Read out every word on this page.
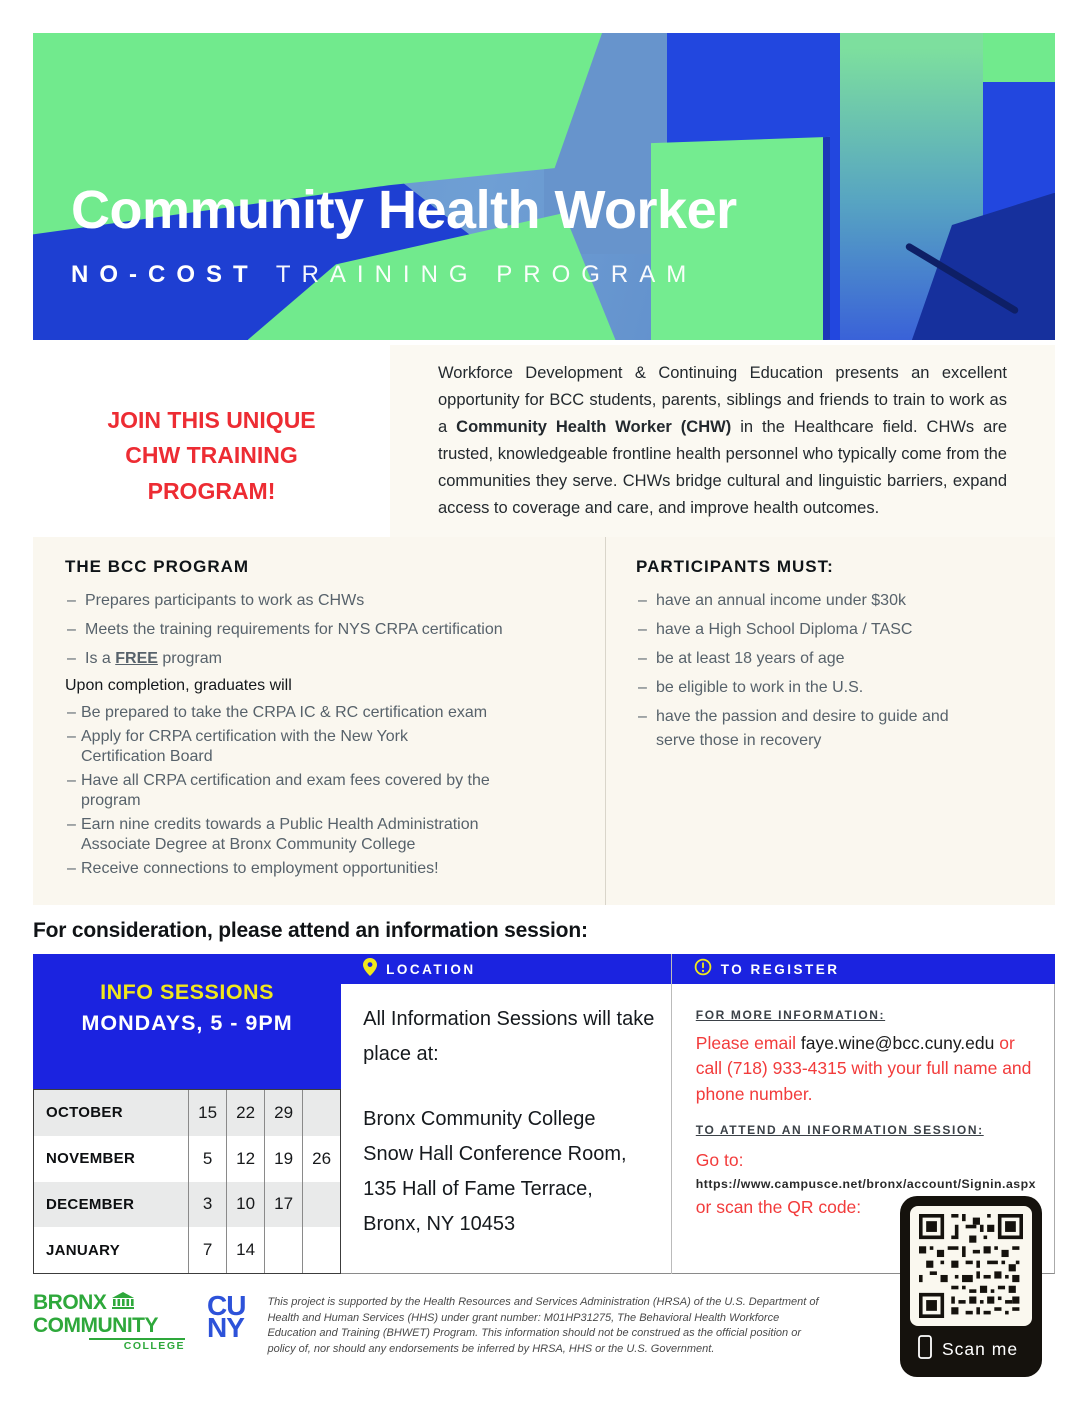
Community Health Worker
NO-COST TRAINING PROGRAM
JOIN THIS UNIQUE
CHW TRAINING
PROGRAM!
Workforce Development & Continuing Education presents an excellent opportunity for BCC students, parents, siblings and friends to train to work as a Community Health Worker (CHW) in the Healthcare field. CHWs are trusted, knowledgeable frontline health personnel who typically come from the communities they serve. CHWs bridge cultural and linguistic barriers, expand access to coverage and care, and improve health outcomes.
THE BCC PROGRAM
– Prepares participants to work as CHWs
– Meets the training requirements for NYS CRPA certification
– Is a FREE program
Upon completion, graduates will
– Be prepared to take the CRPA IC & RC certification exam
– Apply for CRPA certification with the New York Certification Board
– Have all CRPA certification and exam fees covered by the program
– Earn nine credits towards a Public Health Administration Associate Degree at Bronx Community College
– Receive connections to employment opportunities!
PARTICIPANTS MUST:
– have an annual income under $30k
– have a High School Diploma / TASC
– be at least 18 years of age
– be eligible to work in the U.S.
– have the passion and desire to guide and serve those in recovery
For consideration, please attend an information session:
INFO SESSIONS
MONDAYS, 5 - 9PM
OCTOBER	15	22	29
NOVEMBER	5	12	19	26
DECEMBER	3	10	17
JANUARY	7	14
LOCATION
All Information Sessions will take place at:
Bronx Community College
Snow Hall Conference Room,
135 Hall of Fame Terrace,
Bronx, NY 10453
TO REGISTER
FOR MORE INFORMATION:
Please email faye.wine@bcc.cuny.edu or call (718) 933-4315 with your full name and phone number.
TO ATTEND AN INFORMATION SESSION:
Go to:
https://www.campusce.net/bronx/account/Signin.aspx
or scan the QR code:
Scan me
BRONX
COMMUNITY
COLLEGE
CU
NY
This project is supported by the Health Resources and Services Administration (HRSA) of the U.S. Department of Health and Human Services (HHS) under grant number: M01HP31275, The Behavioral Health Workforce Education and Training (BHWET) Program. This information should not be construed as the official position or policy of, nor should any endorsements be inferred by HRSA, HHS or the U.S. Government.
